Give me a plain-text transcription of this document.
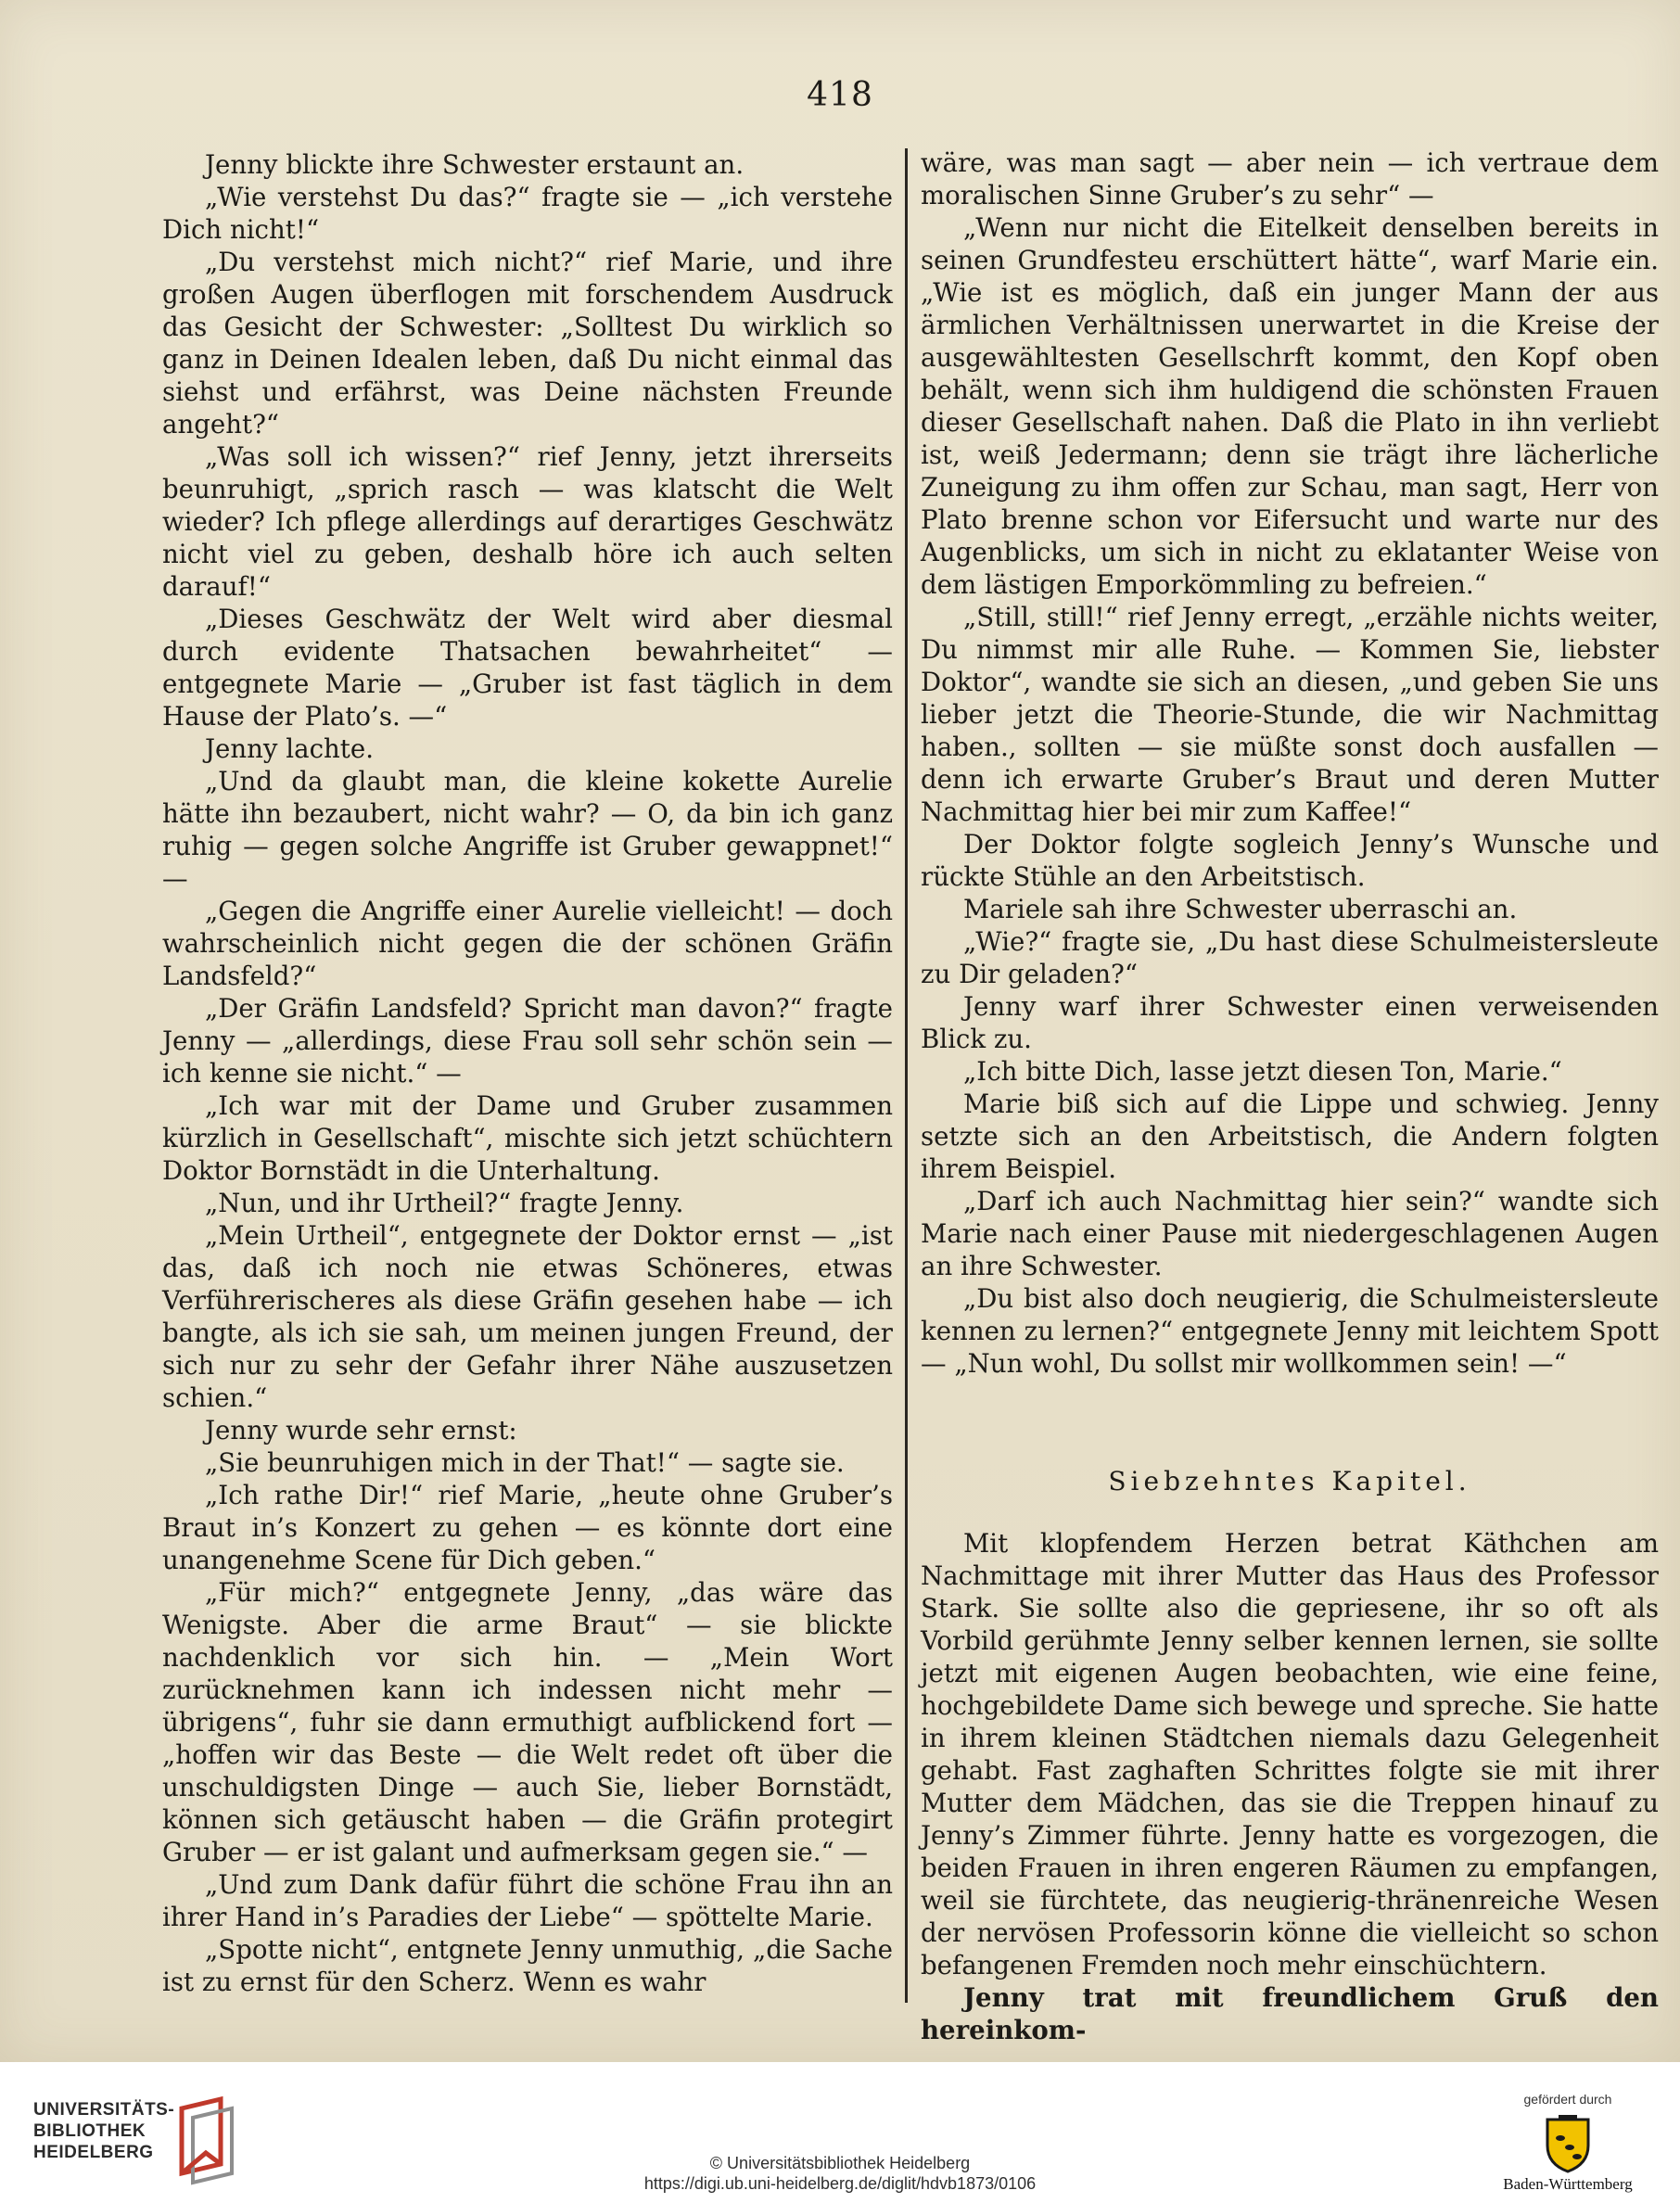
418

Jenny blickte ihre Schwester erstaunt an.

„Wie verstehst Du das?“ fragte sie — „ich verstehe Dich nicht!“

„Du verstehst mich nicht?“ rief Marie, und ihre großen Augen überflogen mit forschendem Ausdruck das Gesicht der Schwester: „Solltest Du wirklich so ganz in Deinen Idealen leben, daß Du nicht einmal das siehst und erfährst, was Deine nächsten Freunde angeht?“

„Was soll ich wissen?“ rief Jenny, jetzt ihrerseits beunruhigt, „sprich rasch — was klatscht die Welt wieder? Ich pflege allerdings auf derartiges Geschwätz nicht viel zu geben, deshalb höre ich auch selten darauf!“

„Dieses Geschwätz der Welt wird aber diesmal durch evidente Thatsachen bewahrheitet“ — entgegnete Marie — „Gruber ist fast täglich in dem Hause der Plato’s. —“

Jenny lachte.

„Und da glaubt man, die kleine kokette Aurelie hätte ihn bezaubert, nicht wahr? — O, da bin ich ganz ruhig — gegen solche Angriffe ist Gruber gewappnet!“ —

„Gegen die Angriffe einer Aurelie vielleicht! — doch wahrscheinlich nicht gegen die der schönen Gräfin Landsfeld?“

„Der Gräfin Landsfeld? Spricht man davon?“ fragte Jenny — „allerdings, diese Frau soll sehr schön sein — ich kenne sie nicht.“ —

„Ich war mit der Dame und Gruber zusammen kürzlich in Gesellschaft“, mischte sich jetzt schüchtern Doktor Bornstädt in die Unterhaltung.

„Nun, und ihr Urtheil?“ fragte Jenny.

„Mein Urtheil“, entgegnete der Doktor ernst — „ist das, daß ich noch nie etwas Schöneres, etwas Verführerischeres als diese Gräfin gesehen habe — ich bangte, als ich sie sah, um meinen jungen Freund, der sich nur zu sehr der Gefahr ihrer Nähe auszusetzen schien.“

Jenny wurde sehr ernst:

„Sie beunruhigen mich in der That!“ — sagte sie.

„Ich rathe Dir!“ rief Marie, „heute ohne Gruber’s Braut in’s Konzert zu gehen — es könnte dort eine unangenehme Scene für Dich geben.“

„Für mich?“ entgegnete Jenny, „das wäre das Wenigste. Aber die arme Braut“ — sie blickte nachdenklich vor sich hin. — „Mein Wort zurücknehmen kann ich indessen nicht mehr — übrigens“, fuhr sie dann ermuthigt aufblickend fort — „hoffen wir das Beste — die Welt redet oft über die unschuldigsten Dinge — auch Sie, lieber Bornstädt, können sich getäuscht haben — die Gräfin protegirt Gruber — er ist galant und aufmerksam gegen sie.“ —

„Und zum Dank dafür führt die schöne Frau ihn an ihrer Hand in’s Paradies der Liebe“ — spöttelte Marie.

„Spotte nicht“, entgnete Jenny unmuthig, „die Sache ist zu ernst für den Scherz. Wenn es wahr

wäre, was man sagt — aber nein — ich vertraue dem moralischen Sinne Gruber’s zu sehr“ —

„Wenn nur nicht die Eitelkeit denselben bereits in seinen Grundfesteu erschüttert hätte“, warf Marie ein. „Wie ist es möglich, daß ein junger Mann der aus ärmlichen Verhältnissen unerwartet in die Kreise der ausgewähltesten Gesellschrft kommt, den Kopf oben behält, wenn sich ihm huldigend die schönsten Frauen dieser Gesellschaft nahen. Daß die Plato in ihn verliebt ist, weiß Jedermann; denn sie trägt ihre lächerliche Zuneigung zu ihm offen zur Schau, man sagt, Herr von Plato brenne schon vor Eifersucht und warte nur des Augenblicks, um sich in nicht zu eklatanter Weise von dem lästigen Emporkömmling zu befreien.“

„Still, still!“ rief Jenny erregt, „erzähle nichts weiter, Du nimmst mir alle Ruhe. — Kommen Sie, liebster Doktor“, wandte sie sich an diesen, „und geben Sie uns lieber jetzt die Theorie-Stunde, die wir Nachmittag haben., sollten — sie müßte sonst doch ausfallen — denn ich erwarte Gruber’s Braut und deren Mutter Nachmittag hier bei mir zum Kaffee!“

Der Doktor folgte sogleich Jenny’s Wunsche und rückte Stühle an den Arbeitstisch.

Mariele sah ihre Schwester uberraschi an.

„Wie?“ fragte sie, „Du hast diese Schulmeistersleute zu Dir geladen?“

Jenny warf ihrer Schwester einen verweisenden Blick zu.

„Ich bitte Dich, lasse jetzt diesen Ton, Marie.“

Marie biß sich auf die Lippe und schwieg. Jenny setzte sich an den Arbeitstisch, die Andern folgten ihrem Beispiel.

„Darf ich auch Nachmittag hier sein?“ wandte sich Marie nach einer Pause mit niedergeschlagenen Augen an ihre Schwester.

„Du bist also doch neugierig, die Schulmeistersleute kennen zu lernen?“ entgegnete Jenny mit leichtem Spott — „Nun wohl, Du sollst mir wollkommen sein! —“

Siebzehntes Kapitel.

Mit klopfendem Herzen betrat Käthchen am Nachmittage mit ihrer Mutter das Haus des Professor Stark. Sie sollte also die gepriesene, ihr so oft als Vorbild gerühmte Jenny selber kennen lernen, sie sollte jetzt mit eigenen Augen beobachten, wie eine feine, hochgebildete Dame sich bewege und spreche. Sie hatte in ihrem kleinen Städtchen niemals dazu Gelegenheit gehabt. Fast zaghaften Schrittes folgte sie mit ihrer Mutter dem Mädchen, das sie die Treppen hinauf zu Jenny’s Zimmer führte. Jenny hatte es vorgezogen, die beiden Frauen in ihren engeren Räumen zu empfangen, weil sie fürchtete, das neugierig-thränenreiche Wesen der nervösen Professorin könne die vielleicht so schon befangenen Fremden noch mehr einschüchtern.

Jenny trat mit freundlichem Gruß den hereinkom-

UNIVERSITÄTS-
BIBLIOTHEK
HEIDELBERG
© Universitätsbibliothek Heidelberg
https://digi.ub.uni-heidelberg.de/diglit/hdvb1873/0106
gefördert durch
Baden-Württemberg
